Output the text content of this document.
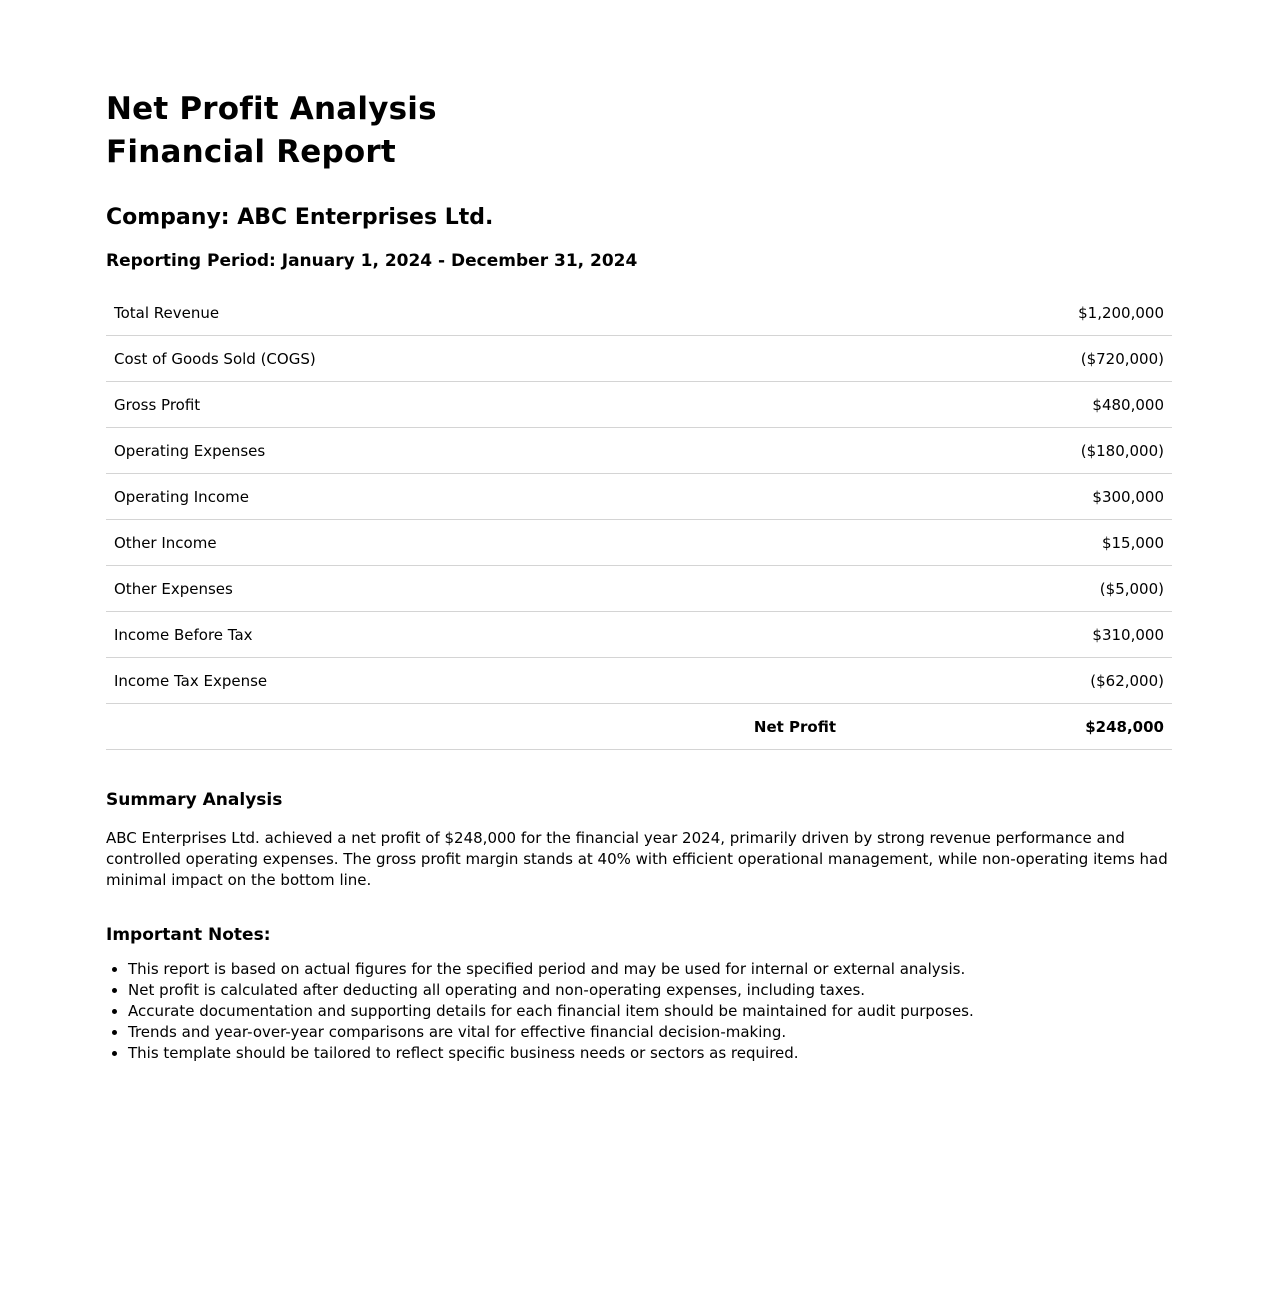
Net Profit Analysis
Financial Report
Company: ABC Enterprises Ltd.
Reporting Period: January 1, 2024 - December 31, 2024
Total Revenue		$1,200,000
Cost of Goods Sold (COGS)		($720,000)
Gross Profit		$480,000
Operating Expenses		($180,000)
Operating Income		$300,000
Other Income		$15,000
Other Expenses		($5,000)
Income Before Tax		$310,000
Income Tax Expense		($62,000)
	Net Profit	$248,000
Summary Analysis

ABC Enterprises Ltd. achieved a net profit of $248,000 for the financial year 2024, primarily driven by strong revenue performance and controlled operating expenses. The gross profit margin stands at 40% with efficient operational management, while non-operating items had minimal impact on the bottom line.

Important Notes:
• This report is based on actual figures for the specified period and may be used for internal or external analysis.
• Net profit is calculated after deducting all operating and non-operating expenses, including taxes.
• Accurate documentation and supporting details for each financial item should be maintained for audit purposes.
• Trends and year-over-year comparisons are vital for effective financial decision-making.
• This template should be tailored to reflect specific business needs or sectors as required.
